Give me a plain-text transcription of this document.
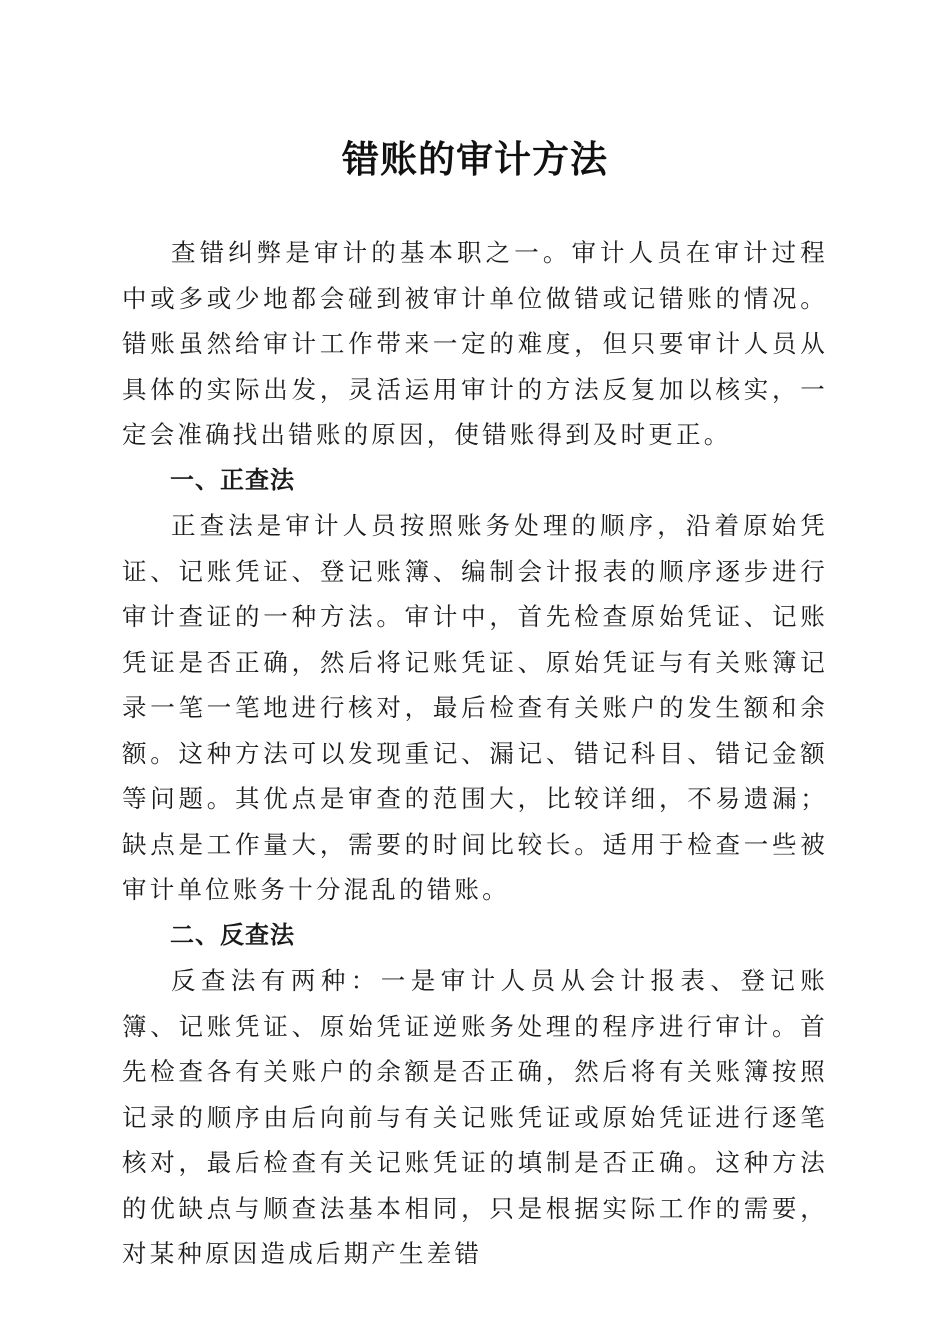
错账的审计方法

查错纠弊是审计的基本职之一。审计人员在审计过程中或多或少地都会碰到被审计单位做错或记错账的情况。错账虽然给审计工作带来一定的难度，但只要审计人员从具体的实际出发，灵活运用审计的方法反复加以核实，一定会准确找出错账的原因，使错账得到及时更正。

一、正查法

正查法是审计人员按照账务处理的顺序，沿着原始凭证、记账凭证、登记账簿、编制会计报表的顺序逐步进行审计查证的一种方法。审计中，首先检查原始凭证、记账凭证是否正确，然后将记账凭证、原始凭证与有关账簿记录一笔一笔地进行核对，最后检查有关账户的发生额和余额。这种方法可以发现重记、漏记、错记科目、错记金额等问题。其优点是审查的范围大，比较详细，不易遗漏；缺点是工作量大，需要的时间比较长。适用于检查一些被审计单位账务十分混乱的错账。

二、反查法

反查法有两种：一是审计人员从会计报表、登记账簿、记账凭证、原始凭证逆账务处理的程序进行审计。首先检查各有关账户的余额是否正确，然后将有关账簿按照记录的顺序由后向前与有关记账凭证或原始凭证进行逐笔核对，最后检查有关记账凭证的填制是否正确。这种方法的优缺点与顺查法基本相同，只是根据实际工作的需要，对某种原因造成后期产生差错
